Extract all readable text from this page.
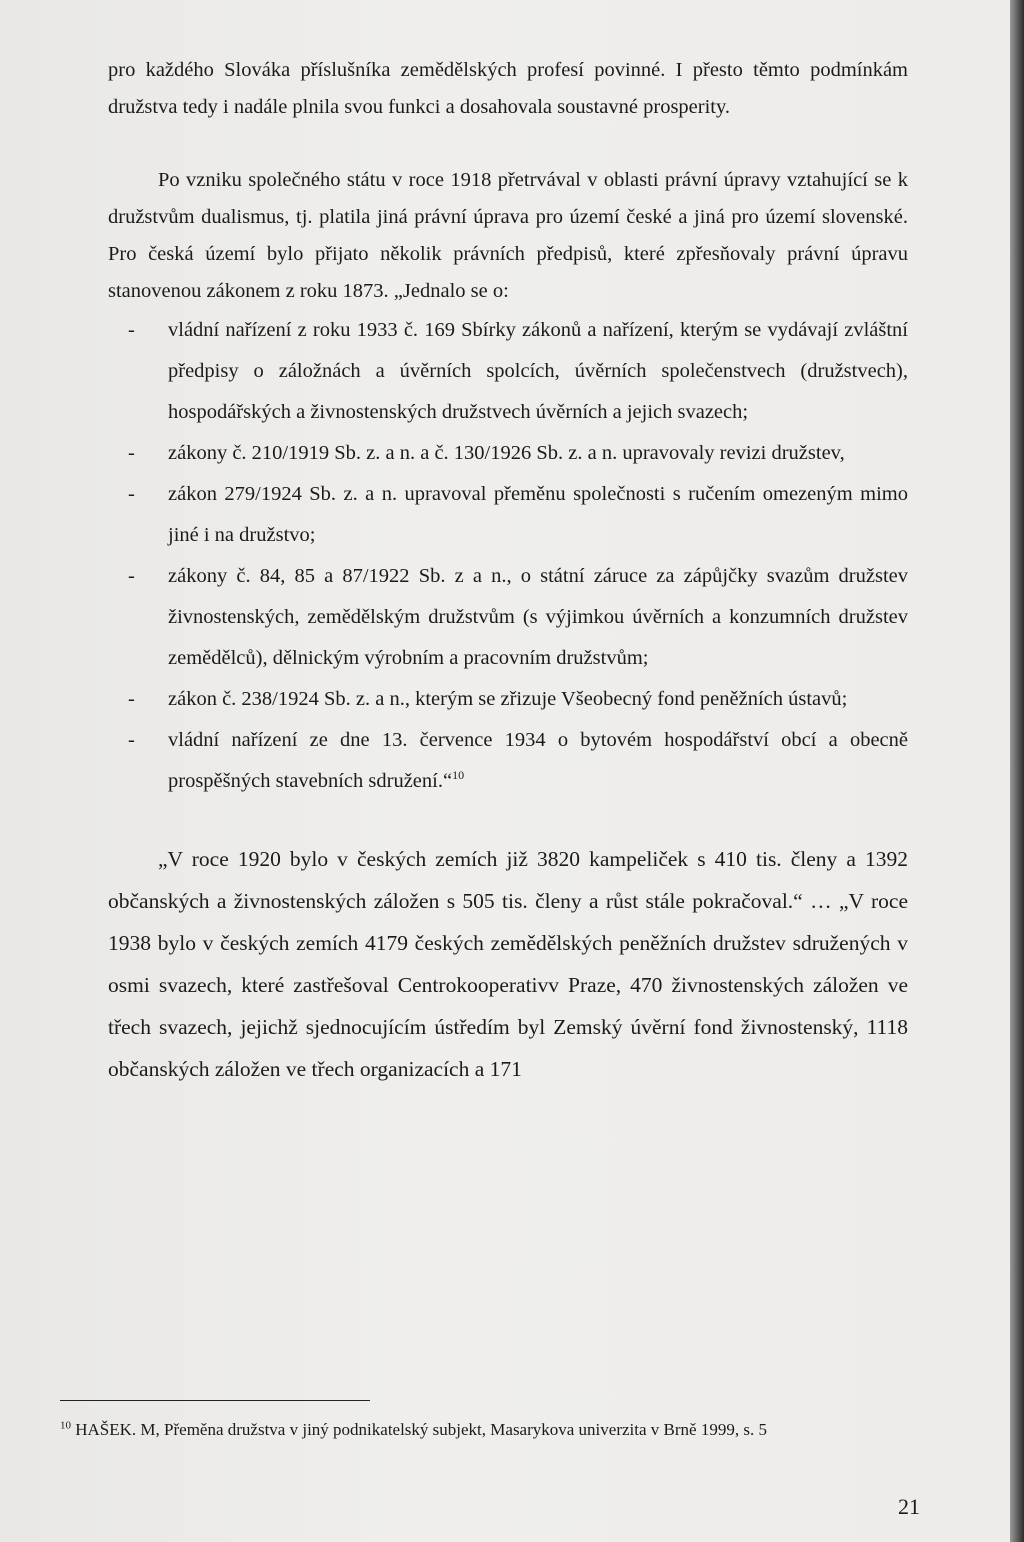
pro každého Slováka příslušníka zemědělských profesí povinné. I přesto těmto podmínkám družstva tedy i nadále plnila svou funkci a dosahovala soustavné prosperity.

Po vzniku společného státu v roce 1918 přetrvával v oblasti právní úpravy vztahující se k družstvům dualismus, tj. platila jiná právní úprava pro území české a jiná pro území slovenské. Pro česká území bylo přijato několik právních předpisů, které zpřesňovaly právní úpravu stanovenou zákonem z roku 1873. „Jednalo se o:

- vládní nařízení z roku 1933 č. 169 Sbírky zákonů a nařízení, kterým se vydávají zvláštní předpisy o záložnách a úvěrních spolcích, úvěrních společenstvech (družstvech), hospodářských a živnostenských družstvech úvěrních a jejich svazech;
- zákony č. 210/1919 Sb. z. a n. a č. 130/1926 Sb. z. a n. upravovaly revizi družstev,
- zákon 279/1924 Sb. z. a n. upravoval přeměnu společnosti s ručením omezeným mimo jiné i na družstvo;
- zákony č. 84, 85 a 87/1922 Sb. z a n., o státní záruce za zápůjčky svazům družstev živnostenských, zemědělským družstvům (s výjimkou úvěrních a konzumních družstev zemědělců), dělnickým výrobním a pracovním družstvům;
- zákon č. 238/1924 Sb. z. a n., kterým se zřizuje Všeobecný fond peněžních ústavů;
- vládní nařízení ze dne 13. července 1934 o bytovém hospodářství obcí a obecně prospěšných stavebních sdružení.“$^{10}$

„V roce 1920 bylo v českých zemích již 3820 kampeliček s 410 tis. členy a 1392 občanských a živnostenských záložen s 505 tis. členy a růst stále pokračoval.“ … „V roce 1938 bylo v českých zemích 4179 českých zemědělských peněžních družstev sdružených v osmi svazech, které zastřešoval Centrokooperativv Praze, 470 živnostenských záložen ve třech svazech, jejichž sjednocujícím ústředím byl Zemský úvěrní fond živnostenský, 1118 občanských záložen ve třech organizacích a 171

$^{10}$ HAŠEK. M, Přeměna družstva v jiný podnikatelský subjekt, Masarykova univerzita v Brně 1999, s. 5
21
